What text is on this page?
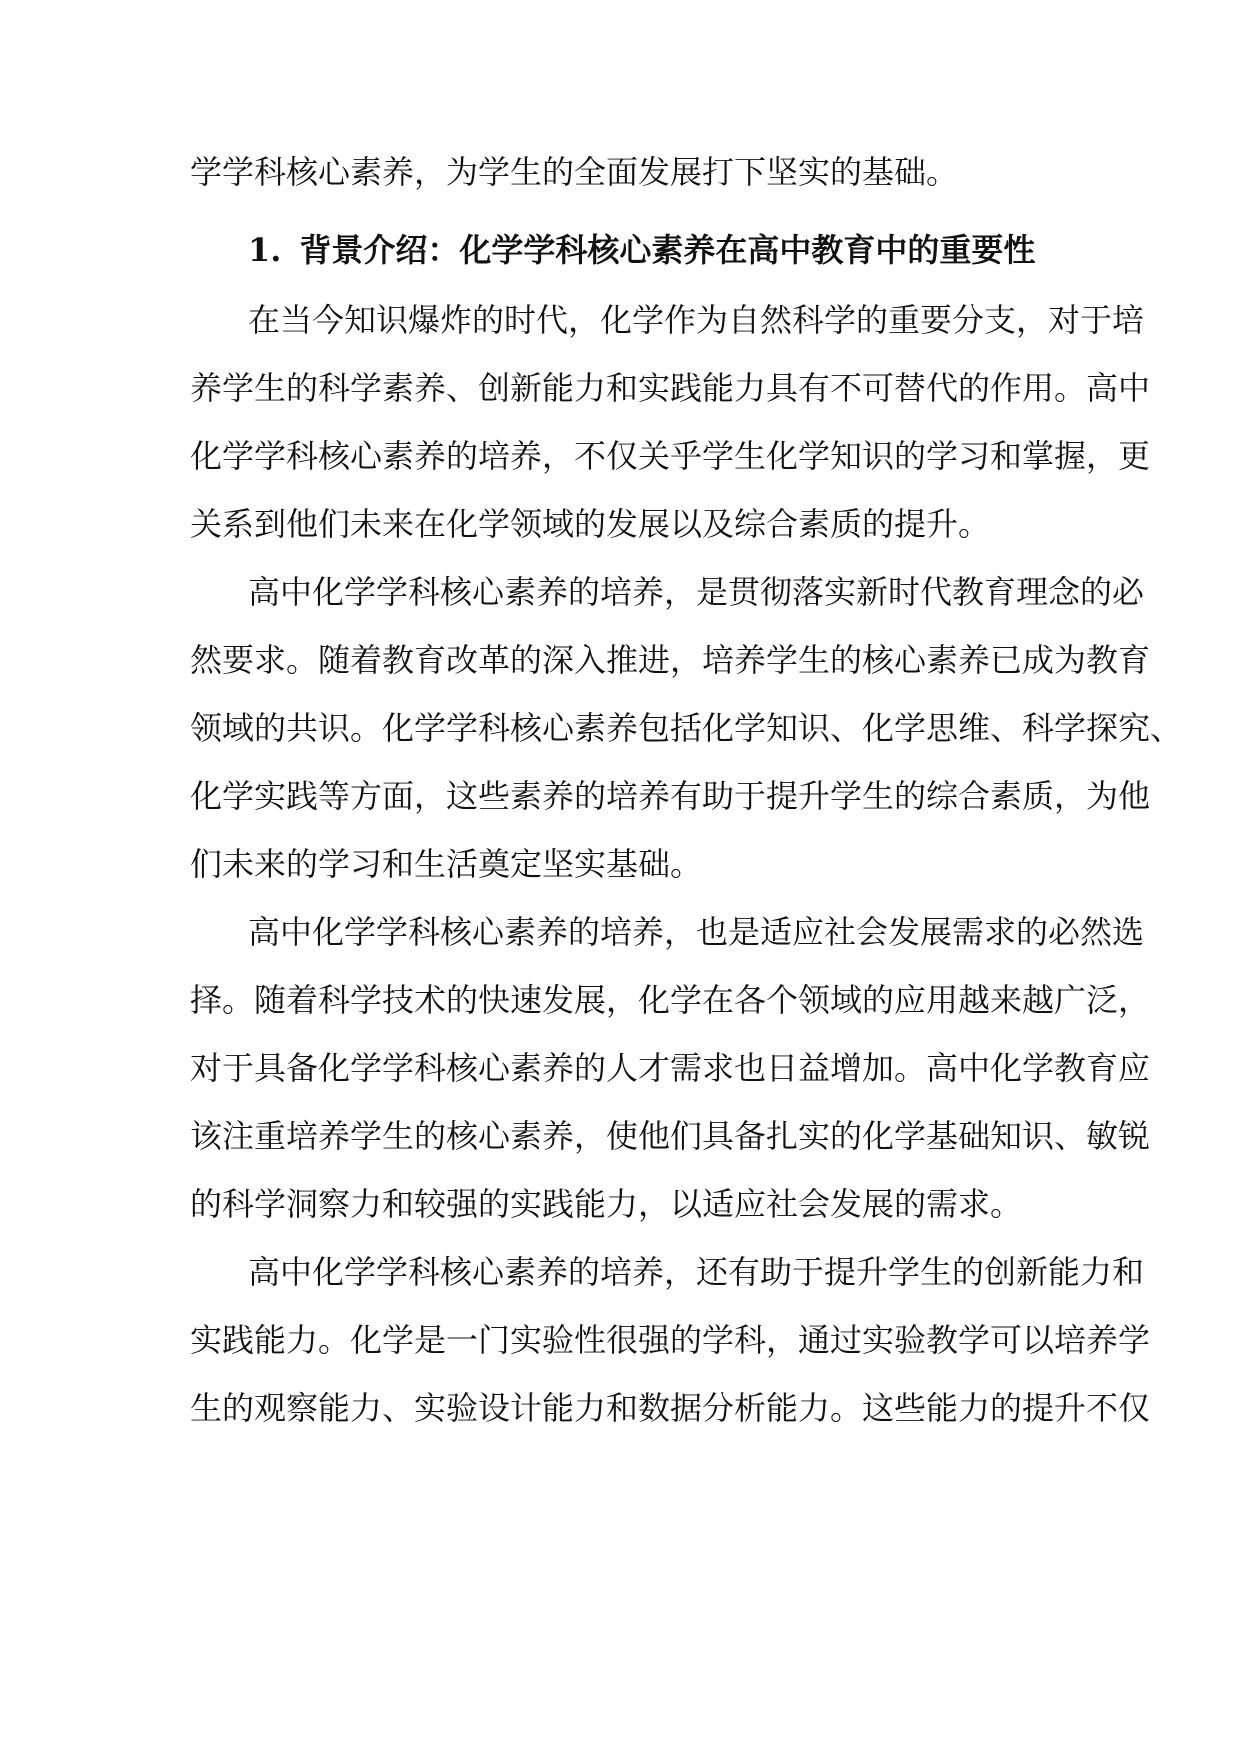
学学科核心素养，为学生的全面发展打下坚实的基础。
1. 背景介绍：化学学科核心素养在高中教育中的重要性
在当今知识爆炸的时代，化学作为自然科学的重要分支，对于培
养学生的科学素养、创新能力和实践能力具有不可替代的作用。高中
化学学科核心素养的培养，不仅关乎学生化学知识的学习和掌握，更
关系到他们未来在化学领域的发展以及综合素质的提升。
高中化学学科核心素养的培养，是贯彻落实新时代教育理念的必
然要求。随着教育改革的深入推进，培养学生的核心素养已成为教育
领域的共识。化学学科核心素养包括化学知识、化学思维、科学探究、
化学实践等方面，这些素养的培养有助于提升学生的综合素质，为他
们未来的学习和生活奠定坚实基础。
高中化学学科核心素养的培养，也是适应社会发展需求的必然选
择。随着科学技术的快速发展，化学在各个领域的应用越来越广泛，
对于具备化学学科核心素养的人才需求也日益增加。高中化学教育应
该注重培养学生的核心素养，使他们具备扎实的化学基础知识、敏锐
的科学洞察力和较强的实践能力，以适应社会发展的需求。
高中化学学科核心素养的培养，还有助于提升学生的创新能力和
实践能力。化学是一门实验性很强的学科，通过实验教学可以培养学
生的观察能力、实验设计能力和数据分析能力。这些能力的提升不仅
